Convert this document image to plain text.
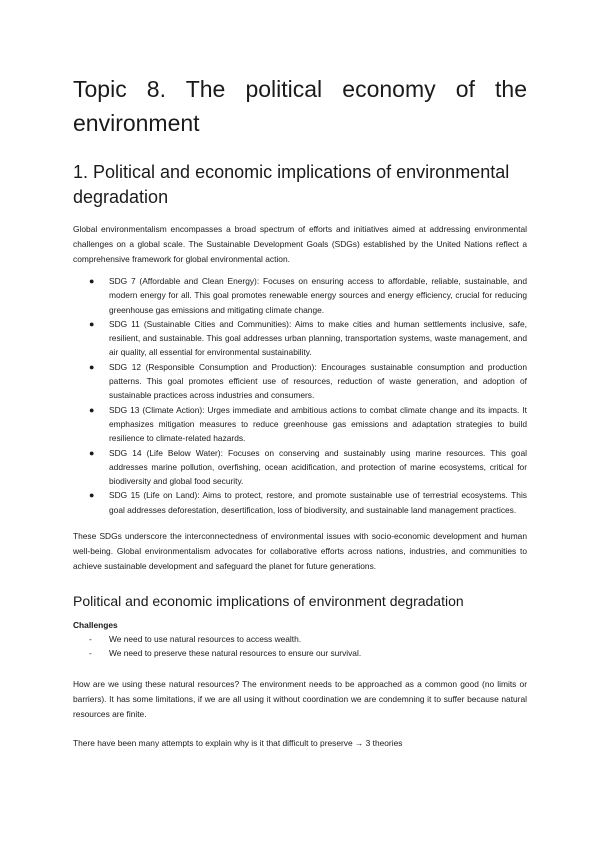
Topic 8. The political economy of the environment
1. Political and economic implications of environmental degradation

Global environmentalism encompasses a broad spectrum of efforts and initiatives aimed at addressing environmental challenges on a global scale. The Sustainable Development Goals (SDGs) established by the United Nations reflect a comprehensive framework for global environmental action.

● SDG 7 (Affordable and Clean Energy): Focuses on ensuring access to affordable, reliable, sustainable, and modern energy for all. This goal promotes renewable energy sources and energy efficiency, crucial for reducing greenhouse gas emissions and mitigating climate change.
● SDG 11 (Sustainable Cities and Communities): Aims to make cities and human settlements inclusive, safe, resilient, and sustainable. This goal addresses urban planning, transportation systems, waste management, and air quality, all essential for environmental sustainability.
● SDG 12 (Responsible Consumption and Production): Encourages sustainable consumption and production patterns. This goal promotes efficient use of resources, reduction of waste generation, and adoption of sustainable practices across industries and consumers.
● SDG 13 (Climate Action): Urges immediate and ambitious actions to combat climate change and its impacts. It emphasizes mitigation measures to reduce greenhouse gas emissions and adaptation strategies to build resilience to climate-related hazards.
● SDG 14 (Life Below Water): Focuses on conserving and sustainably using marine resources. This goal addresses marine pollution, overfishing, ocean acidification, and protection of marine ecosystems, critical for biodiversity and global food security.
● SDG 15 (Life on Land): Aims to protect, restore, and promote sustainable use of terrestrial ecosystems. This goal addresses deforestation, desertification, loss of biodiversity, and sustainable land management practices.

These SDGs underscore the interconnectedness of environmental issues with socio-economic development and human well-being. Global environmentalism advocates for collaborative efforts across nations, industries, and communities to achieve sustainable development and safeguard the planet for future generations.

Political and economic implications of environment degradation

Challenges

- We need to use natural resources to access wealth.
- We need to preserve these natural resources to ensure our survival.

How are we using these natural resources? The environment needs to be approached as a common good (no limits or barriers). It has some limitations, if we are all using it without coordination we are condemning it to suffer because natural resources are finite.

There have been many attempts to explain why is it that difficult to preserve → 3 theories
